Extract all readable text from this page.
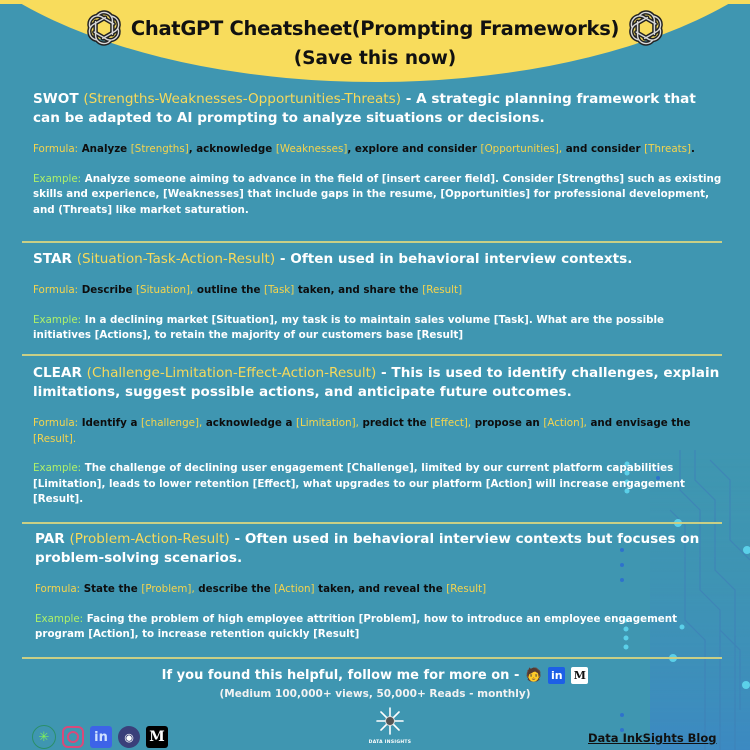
ChatGPT Cheatsheet(Prompting Frameworks)
(Save this now)
SWOT (Strengths-Weaknesses-Opportunities-Threats) - A strategic planning framework that can be adapted to AI prompting to analyze situations or decisions.
Formula: Analyze [Strengths], acknowledge [Weaknesses], explore and consider [Opportunities], and consider [Threats].
Example: Analyze someone aiming to advance in the field of [insert career field]. Consider [Strengths] such as existing skills and experience, [Weaknesses] that include gaps in the resume, [Opportunities] for professional development, and (Threats] like market saturation.
STAR (Situation-Task-Action-Result) - Often used in behavioral interview contexts.
Formula: Describe [Situation], outline the [Task] taken, and share the [Result]
Example: In a declining market [Situation], my task is to maintain sales volume [Task]. What are the possible initiatives [Actions], to retain the majority of our customers base [Result]
CLEAR (Challenge-Limitation-Effect-Action-Result) - This is used to identify challenges, explain limitations, suggest possible actions, and anticipate future outcomes.
Formula: Identify a [challenge], acknowledge a [Limitation], predict the [Effect], propose an [Action], and envisage the [Result].
Example: The challenge of declining user engagement [Challenge], limited by our current platform capabilities [Limitation], leads to lower retention [Effect], what upgrades to our platform [Action] will increase engagement [Result].
PAR (Problem-Action-Result) - Often used in behavioral interview contexts but focuses on problem-solving scenarios.
Formula: State the [Problem], describe the [Action] taken, and reveal the [Result]
Example: Facing the problem of high employee attrition [Problem], how to introduce an employee engagement program [Action], to increase retention quickly [Result]
If you found this helpful, follow me for more on - 🧑 in M
(Medium 100,000+ views, 50,000+ Reads - monthly)
✳	in	◉	M	DATA INSIGHTS	Data InkSights Blog
